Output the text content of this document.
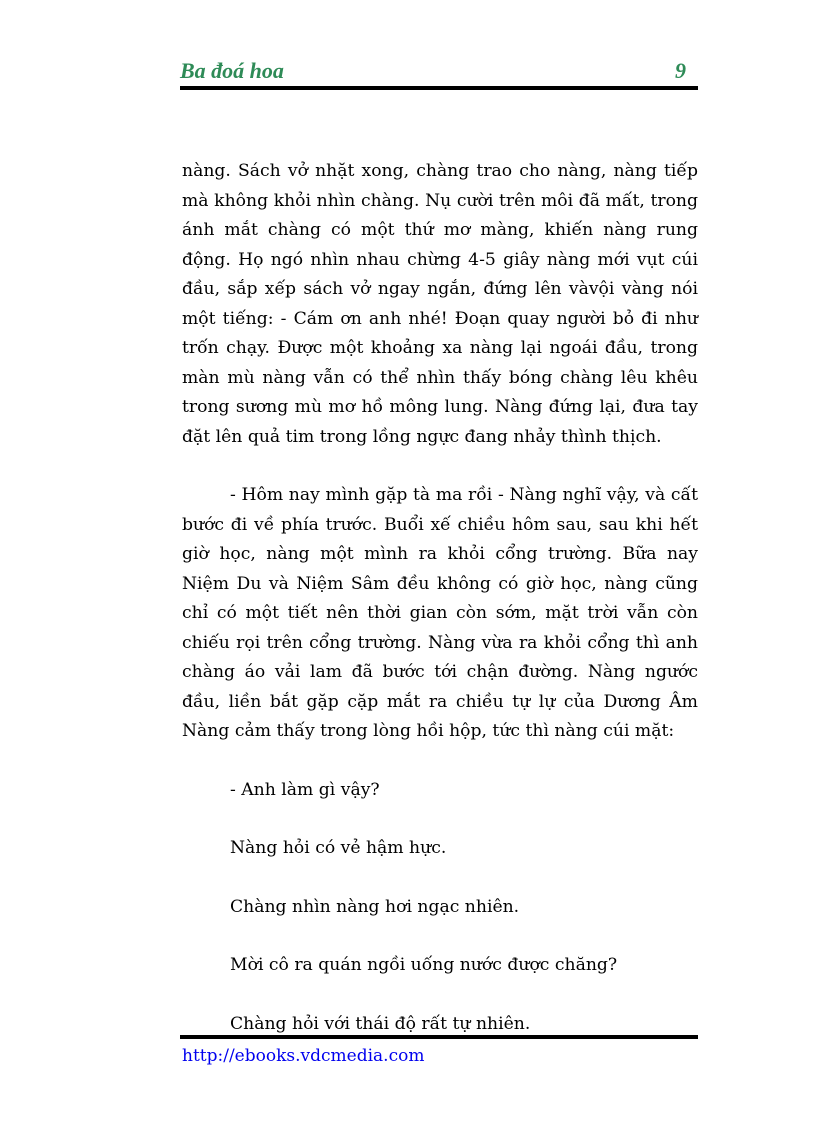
Ba đoá hoa	9

nàng. Sách vở nhặt xong, chàng trao cho nàng, nàng tiếp mà không khỏi nhìn chàng. Nụ cười trên môi đã mất, trong ánh mắt chàng có một thứ mơ màng, khiến nàng rung động. Họ ngó nhìn nhau chừng 4-5 giây nàng mới vụt cúi đầu, sắp xếp sách vở ngay ngắn, đứng lên vàvội vàng nói một tiếng: - Cám ơn anh nhé! Đoạn quay người bỏ đi như trốn chạy. Được một khoảng xa nàng lại ngoái đầu, trong màn mù nàng vẫn có thể nhìn thấy bóng chàng lêu khêu trong sương mù mơ hồ mông lung. Nàng đứng lại, đưa tay đặt lên quả tim trong lồng ngực đang nhảy thình thịch.

- Hôm nay mình gặp tà ma rồi - Nàng nghĩ vậy, và cất bước đi về phía trước. Buổi xế chiều hôm sau, sau khi hết giờ học, nàng một mình ra khỏi cổng trường. Bữa nay Niệm Du và Niệm Sâm đều không có giờ học, nàng cũng chỉ có một tiết nên thời gian còn sớm, mặt trời vẫn còn chiếu rọi trên cổng trường. Nàng vừa ra khỏi cổng thì anh chàng áo vải lam đã bước tới chận đường. Nàng ngước đầu, liền bắt gặp cặp mắt ra chiều tự lự của Dương Âm Nàng cảm thấy trong lòng hồi hộp, tức thì nàng cúi mặt:

- Anh làm gì vậy?

Nàng hỏi có vẻ hậm hực.

Chàng nhìn nàng hơi ngạc nhiên.

Mời cô ra quán ngồi uống nước được chăng?

Chàng hỏi với thái độ rất tự nhiên.

http://ebooks.vdcmedia.com
